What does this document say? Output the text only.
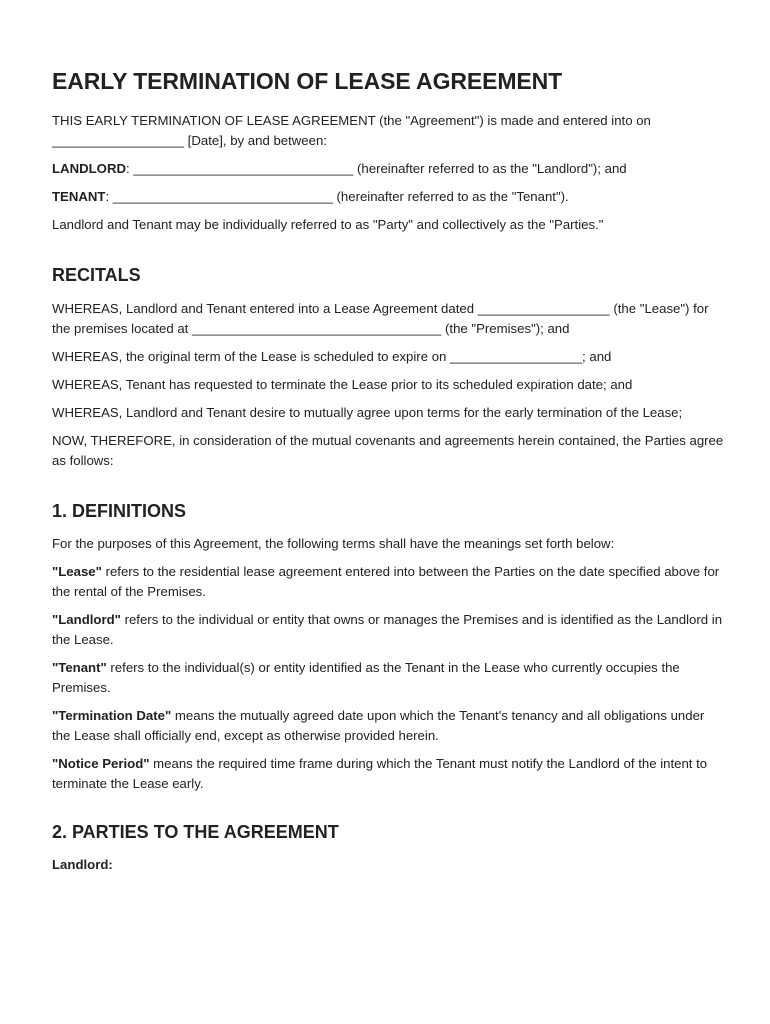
EARLY TERMINATION OF LEASE AGREEMENT

THIS EARLY TERMINATION OF LEASE AGREEMENT (the "Agreement") is made and entered into on __________________ [Date], by and between:

LANDLORD: ______________________________ (hereinafter referred to as the "Landlord"); and

TENANT: ______________________________ (hereinafter referred to as the "Tenant").

Landlord and Tenant may be individually referred to as "Party" and collectively as the "Parties."

RECITALS

WHEREAS, Landlord and Tenant entered into a Lease Agreement dated __________________ (the "Lease") for the premises located at __________________________________ (the "Premises"); and

WHEREAS, the original term of the Lease is scheduled to expire on __________________; and

WHEREAS, Tenant has requested to terminate the Lease prior to its scheduled expiration date; and

WHEREAS, Landlord and Tenant desire to mutually agree upon terms for the early termination of the Lease;

NOW, THEREFORE, in consideration of the mutual covenants and agreements herein contained, the Parties agree as follows:

1. DEFINITIONS

For the purposes of this Agreement, the following terms shall have the meanings set forth below:

"Lease" refers to the residential lease agreement entered into between the Parties on the date specified above for the rental of the Premises.

"Landlord" refers to the individual or entity that owns or manages the Premises and is identified as the Landlord in the Lease.

"Tenant" refers to the individual(s) or entity identified as the Tenant in the Lease who currently occupies the Premises.

"Termination Date" means the mutually agreed date upon which the Tenant's tenancy and all obligations under the Lease shall officially end, except as otherwise provided herein.

"Notice Period" means the required time frame during which the Tenant must notify the Landlord of the intent to terminate the Lease early.

2. PARTIES TO THE AGREEMENT

Landlord:
